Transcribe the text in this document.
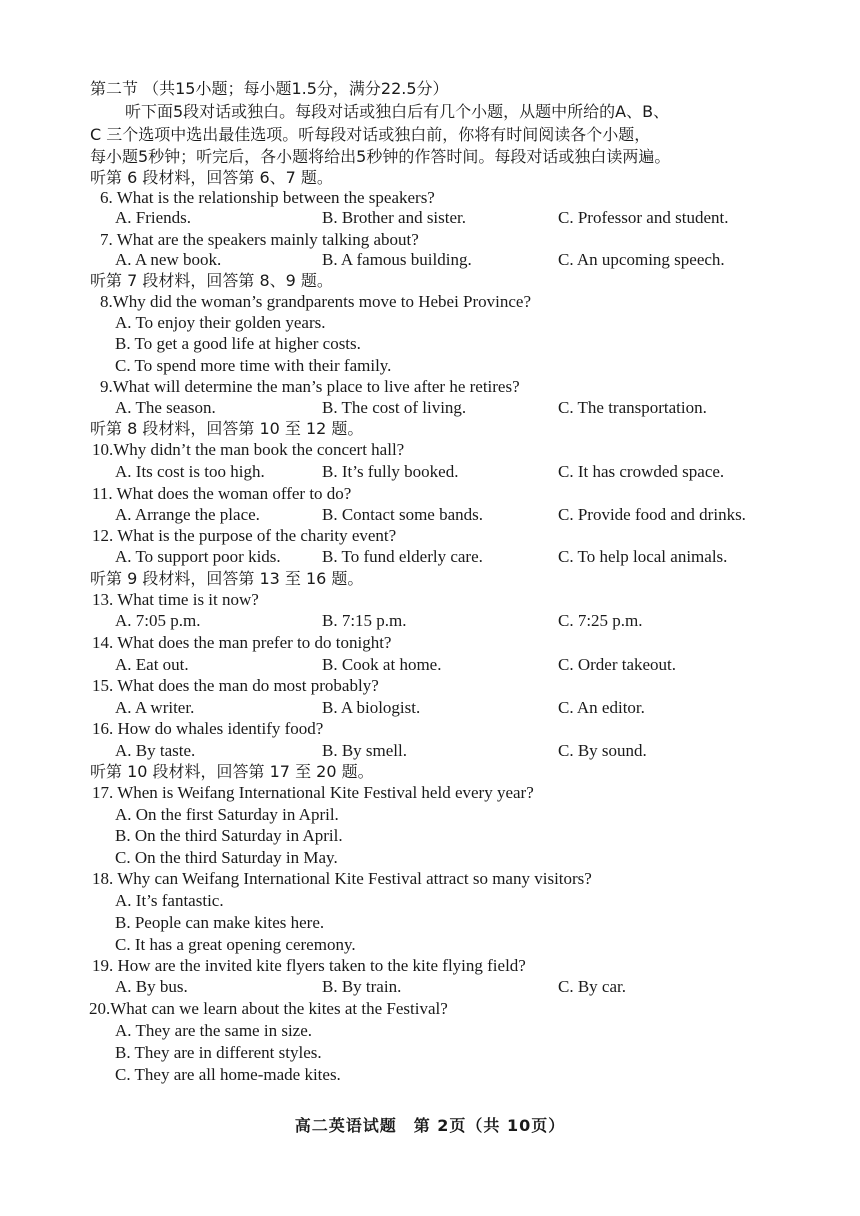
第二节 （共15小题；每小题1.5分，满分22.5分）
听下面5段对话或独白。每段对话或独白后有几个小题，从题中所给的A、B、
C 三个选项中选出最佳选项。听每段对话或独白前，你将有时间阅读各个小题，
每小题5秒钟；听完后，各小题将给出5秒钟的作答时间。每段对话或独白读两遍。
听第 6 段材料，回答第 6、7 题。
6. What is the relationship between the speakers?
A. Friends.	B. Brother and sister.	C. Professor and student.
7. What are the speakers mainly talking about?
A. A new book.	B. A famous building.	C. An upcoming speech.
听第 7 段材料，回答第 8、9 题。
8.Why did the woman’s grandparents move to Hebei Province?
A. To enjoy their golden years.
B. To get a good life at higher costs.
C. To spend more time with their family.
9.What will determine the man’s place to live after he retires?
A. The season.	B. The cost of living.	C. The transportation.
听第 8 段材料，回答第 10 至 12 题。
10.Why didn’t the man book the concert hall?
A. Its cost is too high.	B. It’s fully booked.	C. It has crowded space.
11. What does the woman offer to do?
A. Arrange the place.	B. Contact some bands.	C. Provide food and drinks.
12. What is the purpose of the charity event?
A. To support poor kids. B. To fund elderly care.	C. To help local animals.
听第 9 段材料，回答第 13 至 16 题。
13. What time is it now?
A. 7:05 p.m.	B. 7:15 p.m.	C. 7:25 p.m.
14. What does the man prefer to do tonight?
A. Eat out.	B. Cook at home.	C. Order takeout.
15. What does the man do most probably?
A. A writer.	B. A biologist.	C. An editor.
16. How do whales identify food?
A. By taste.	B. By smell.	C. By sound.
听第 10 段材料，回答第 17 至 20 题。
17. When is Weifang International Kite Festival held every year?
A. On the first Saturday in April.
B. On the third Saturday in April.
C. On the third Saturday in May.
18. Why can Weifang International Kite Festival attract so many visitors?
A. It’s fantastic.
B. People can make kites here.
C. It has a great opening ceremony.
19. How are the invited kite flyers taken to the kite flying field?
A. By bus.	B. By train.	C. By car.
20.What can we learn about the kites at the Festival?
A. They are the same in size.
B. They are in different styles.
C. They are all home-made kites.
高二英语试题　第 2页（共 10页）
